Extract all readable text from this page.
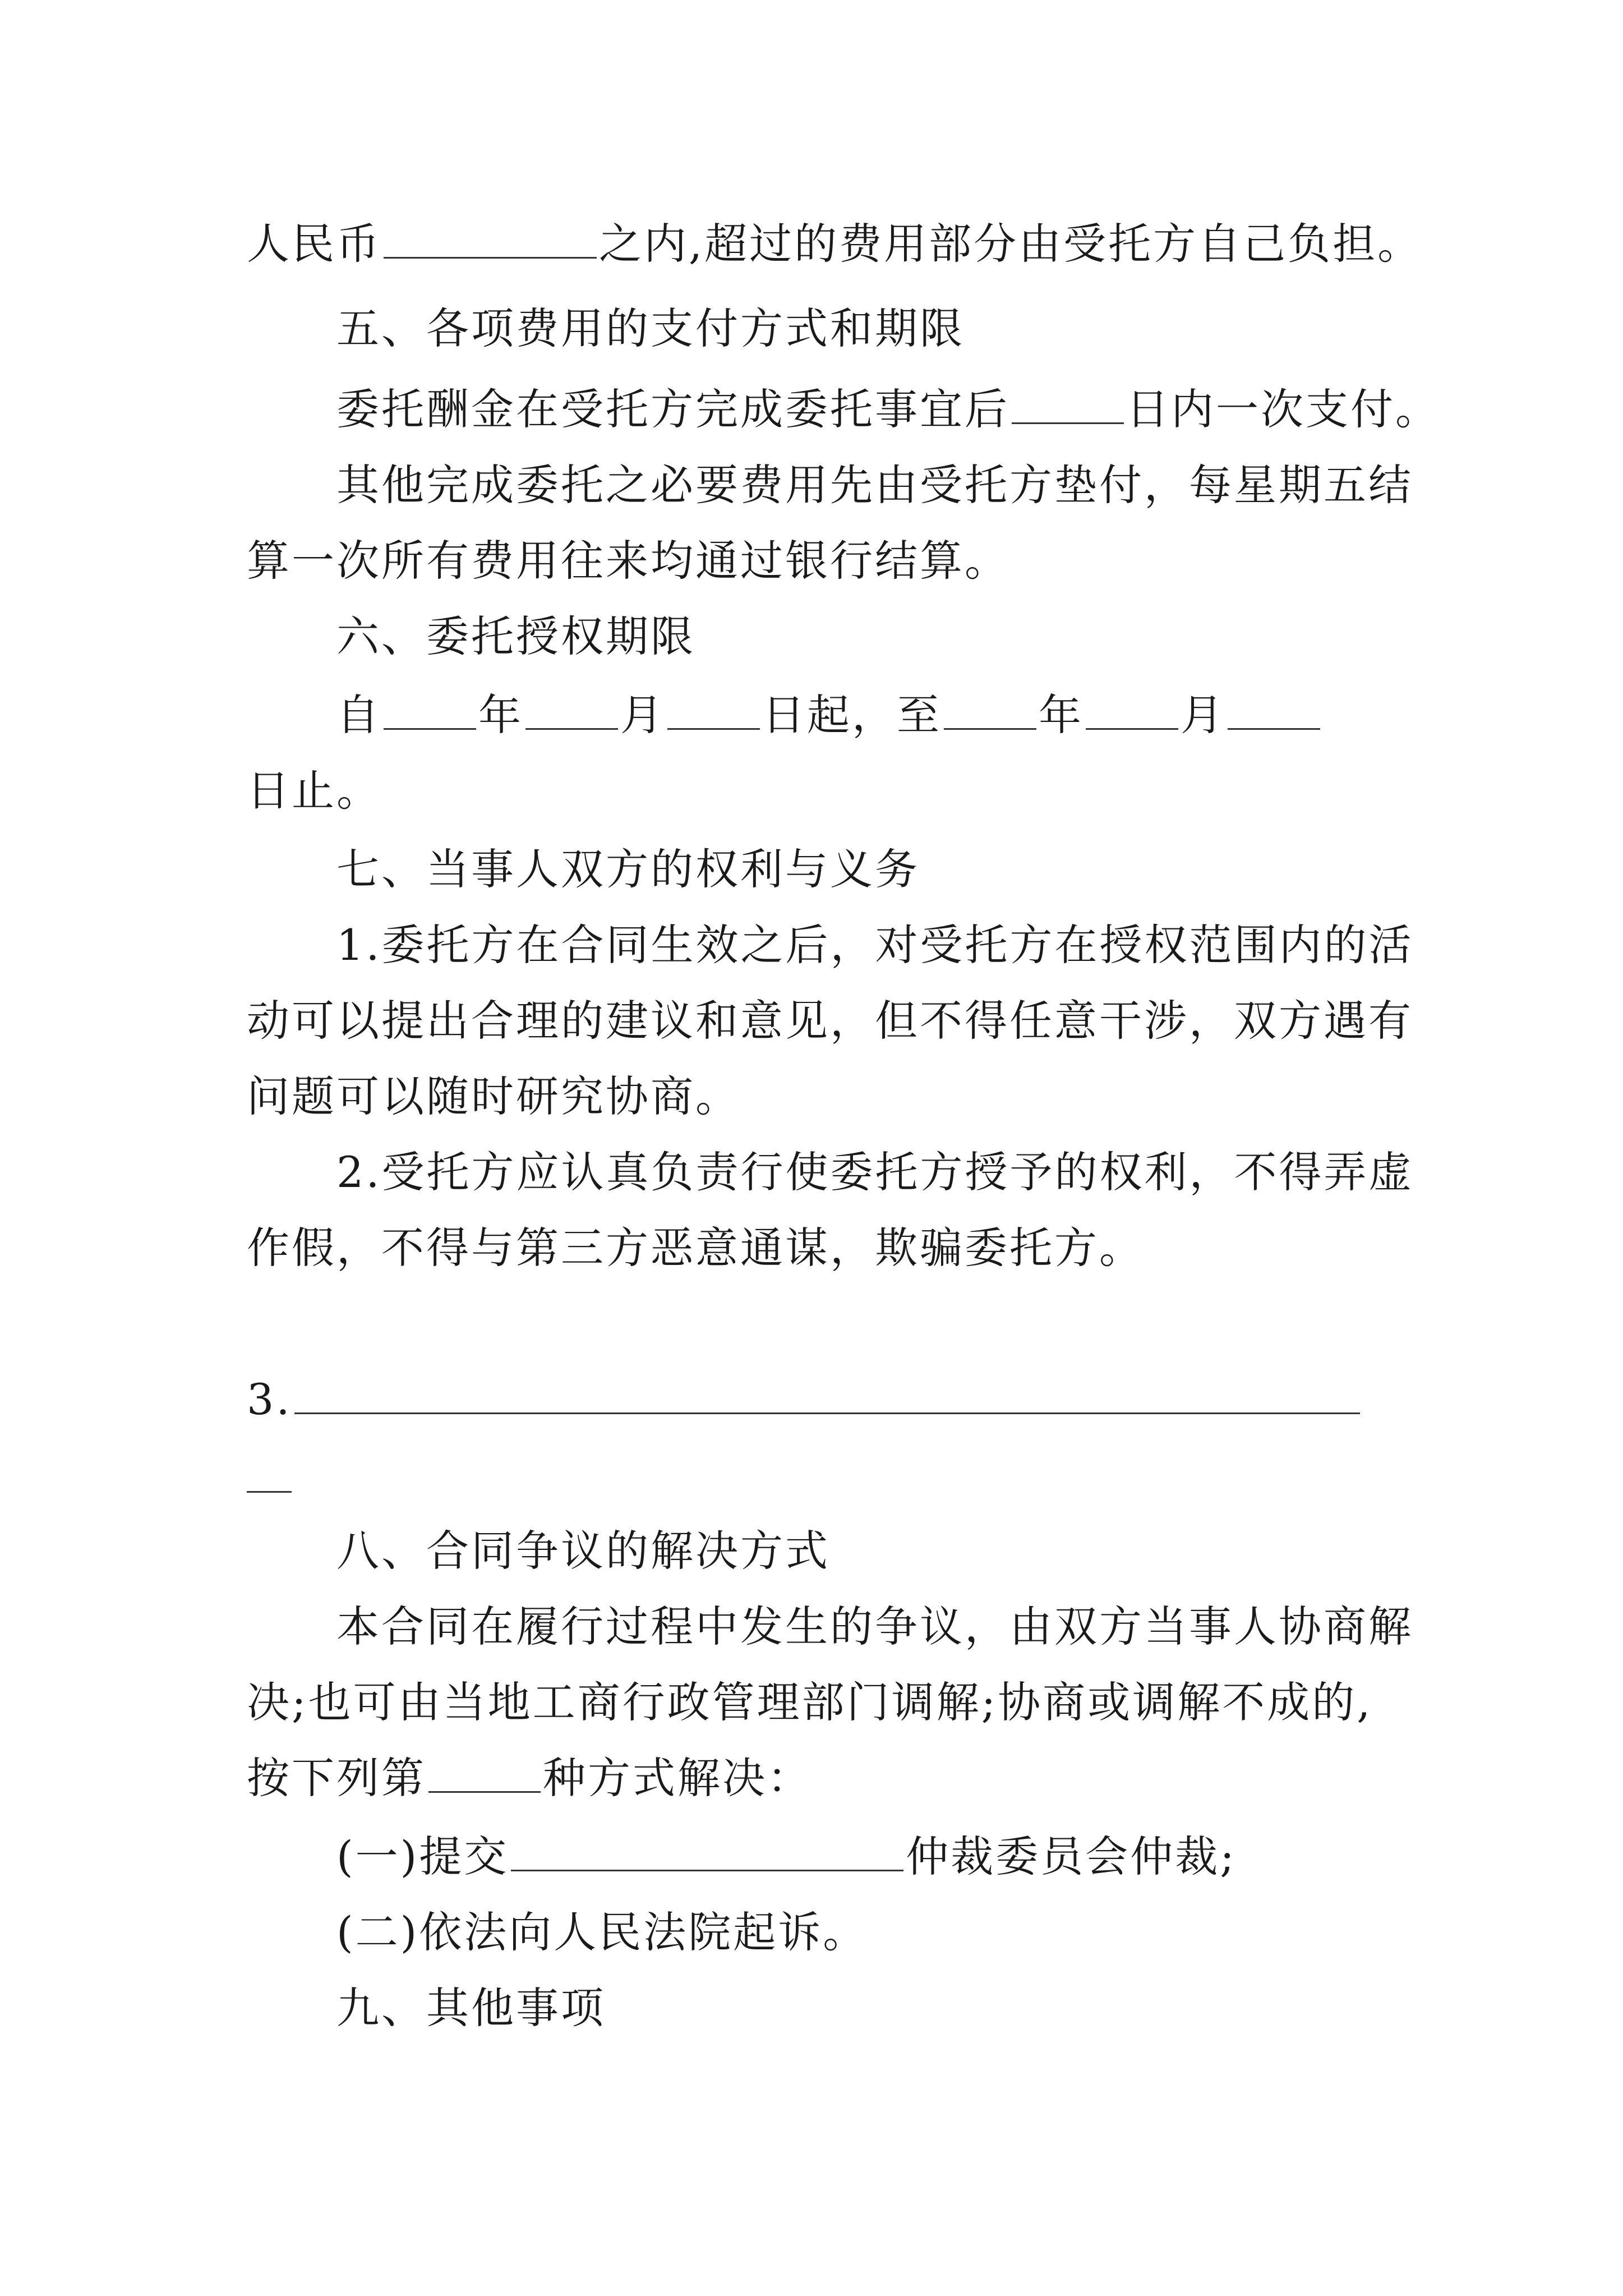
人民币	之内,超过的费用部分由受托方自己负担。
五、各项费用的支付方式和期限
委托酬金在受托方完成委托事宜后	日内一次支付。
其他完成委托之必要费用先由受托方垫付，每星期五结
算一次所有费用往来均通过银行结算。
六、委托授权期限
自 年 月 日起，至 年 月
日止。
七、当事人双方的权利与义务
1.委托方在合同生效之后，对受托方在授权范围内的活
动可以提出合理的建议和意见，但不得任意干涉，双方遇有
问题可以随时研究协商。
2.受托方应认真负责行使委托方授予的权利，不得弄虚
作假，不得与第三方恶意通谋，欺骗委托方。
3.
八、合同争议的解决方式
本合同在履行过程中发生的争议，由双方当事人协商解
决;也可由当地工商行政管理部门调解;协商或调解不成的,
按下列第	种方式解决：
(一)提交	仲裁委员会仲裁;
(二)依法向人民法院起诉。
九、其他事项
